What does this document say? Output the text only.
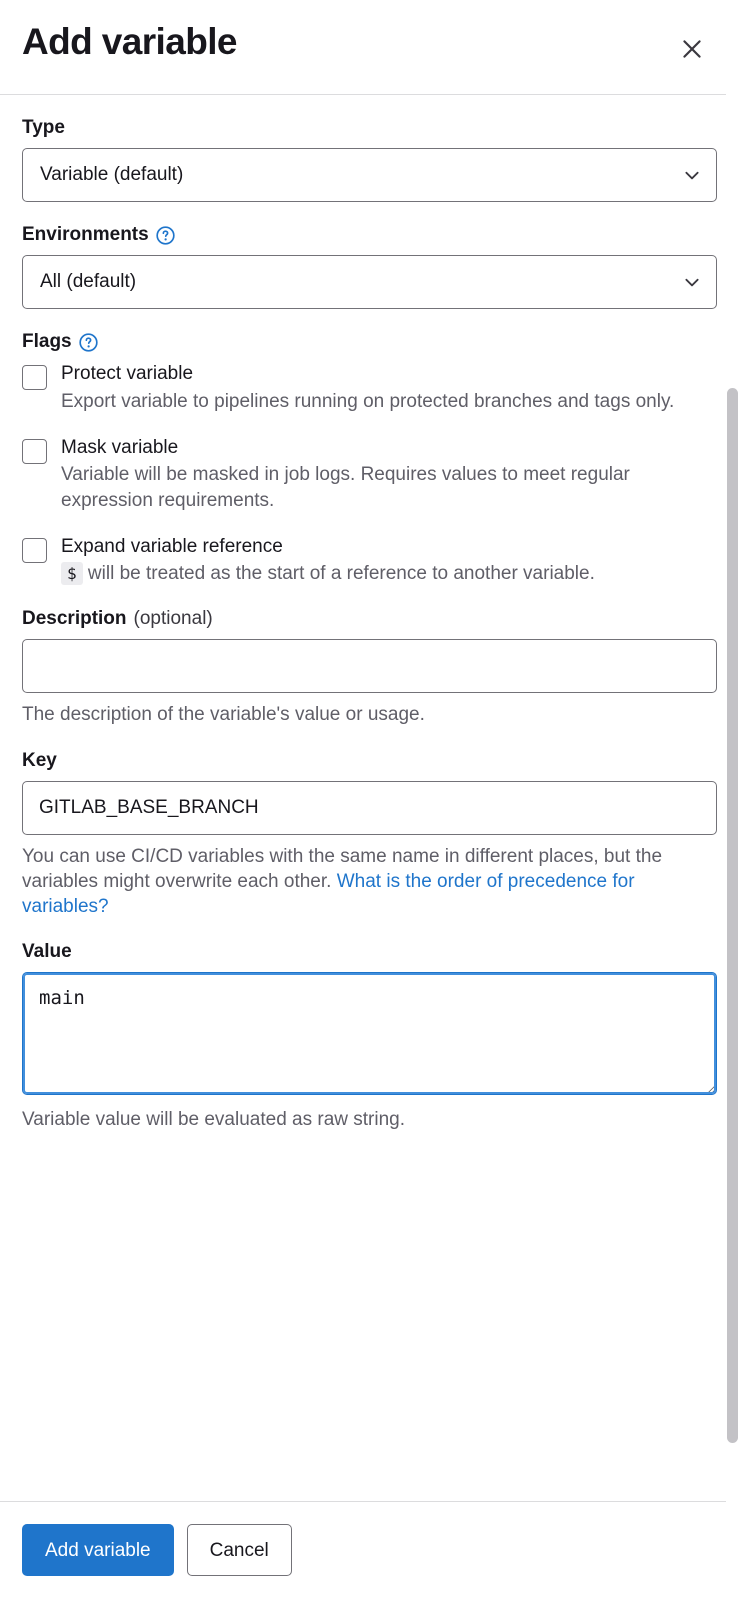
Add variable
Type
Variable (default)
Environments
All (default)
Flags
Protect variable
Export variable to pipelines running on protected branches and tags only.
Mask variable
Variable will be masked in job logs. Requires values to meet regular expression requirements.
Expand variable reference
$ will be treated as the start of a reference to another variable.
Description (optional)

The description of the variable's value or usage.

Key
GITLAB_BASE_BRANCH

You can use CI/CD variables with the same name in different places, but the variables might overwrite each other. What is the order of precedence for variables?

Value
main

Variable value will be evaluated as raw string.

Add variable	Cancel
